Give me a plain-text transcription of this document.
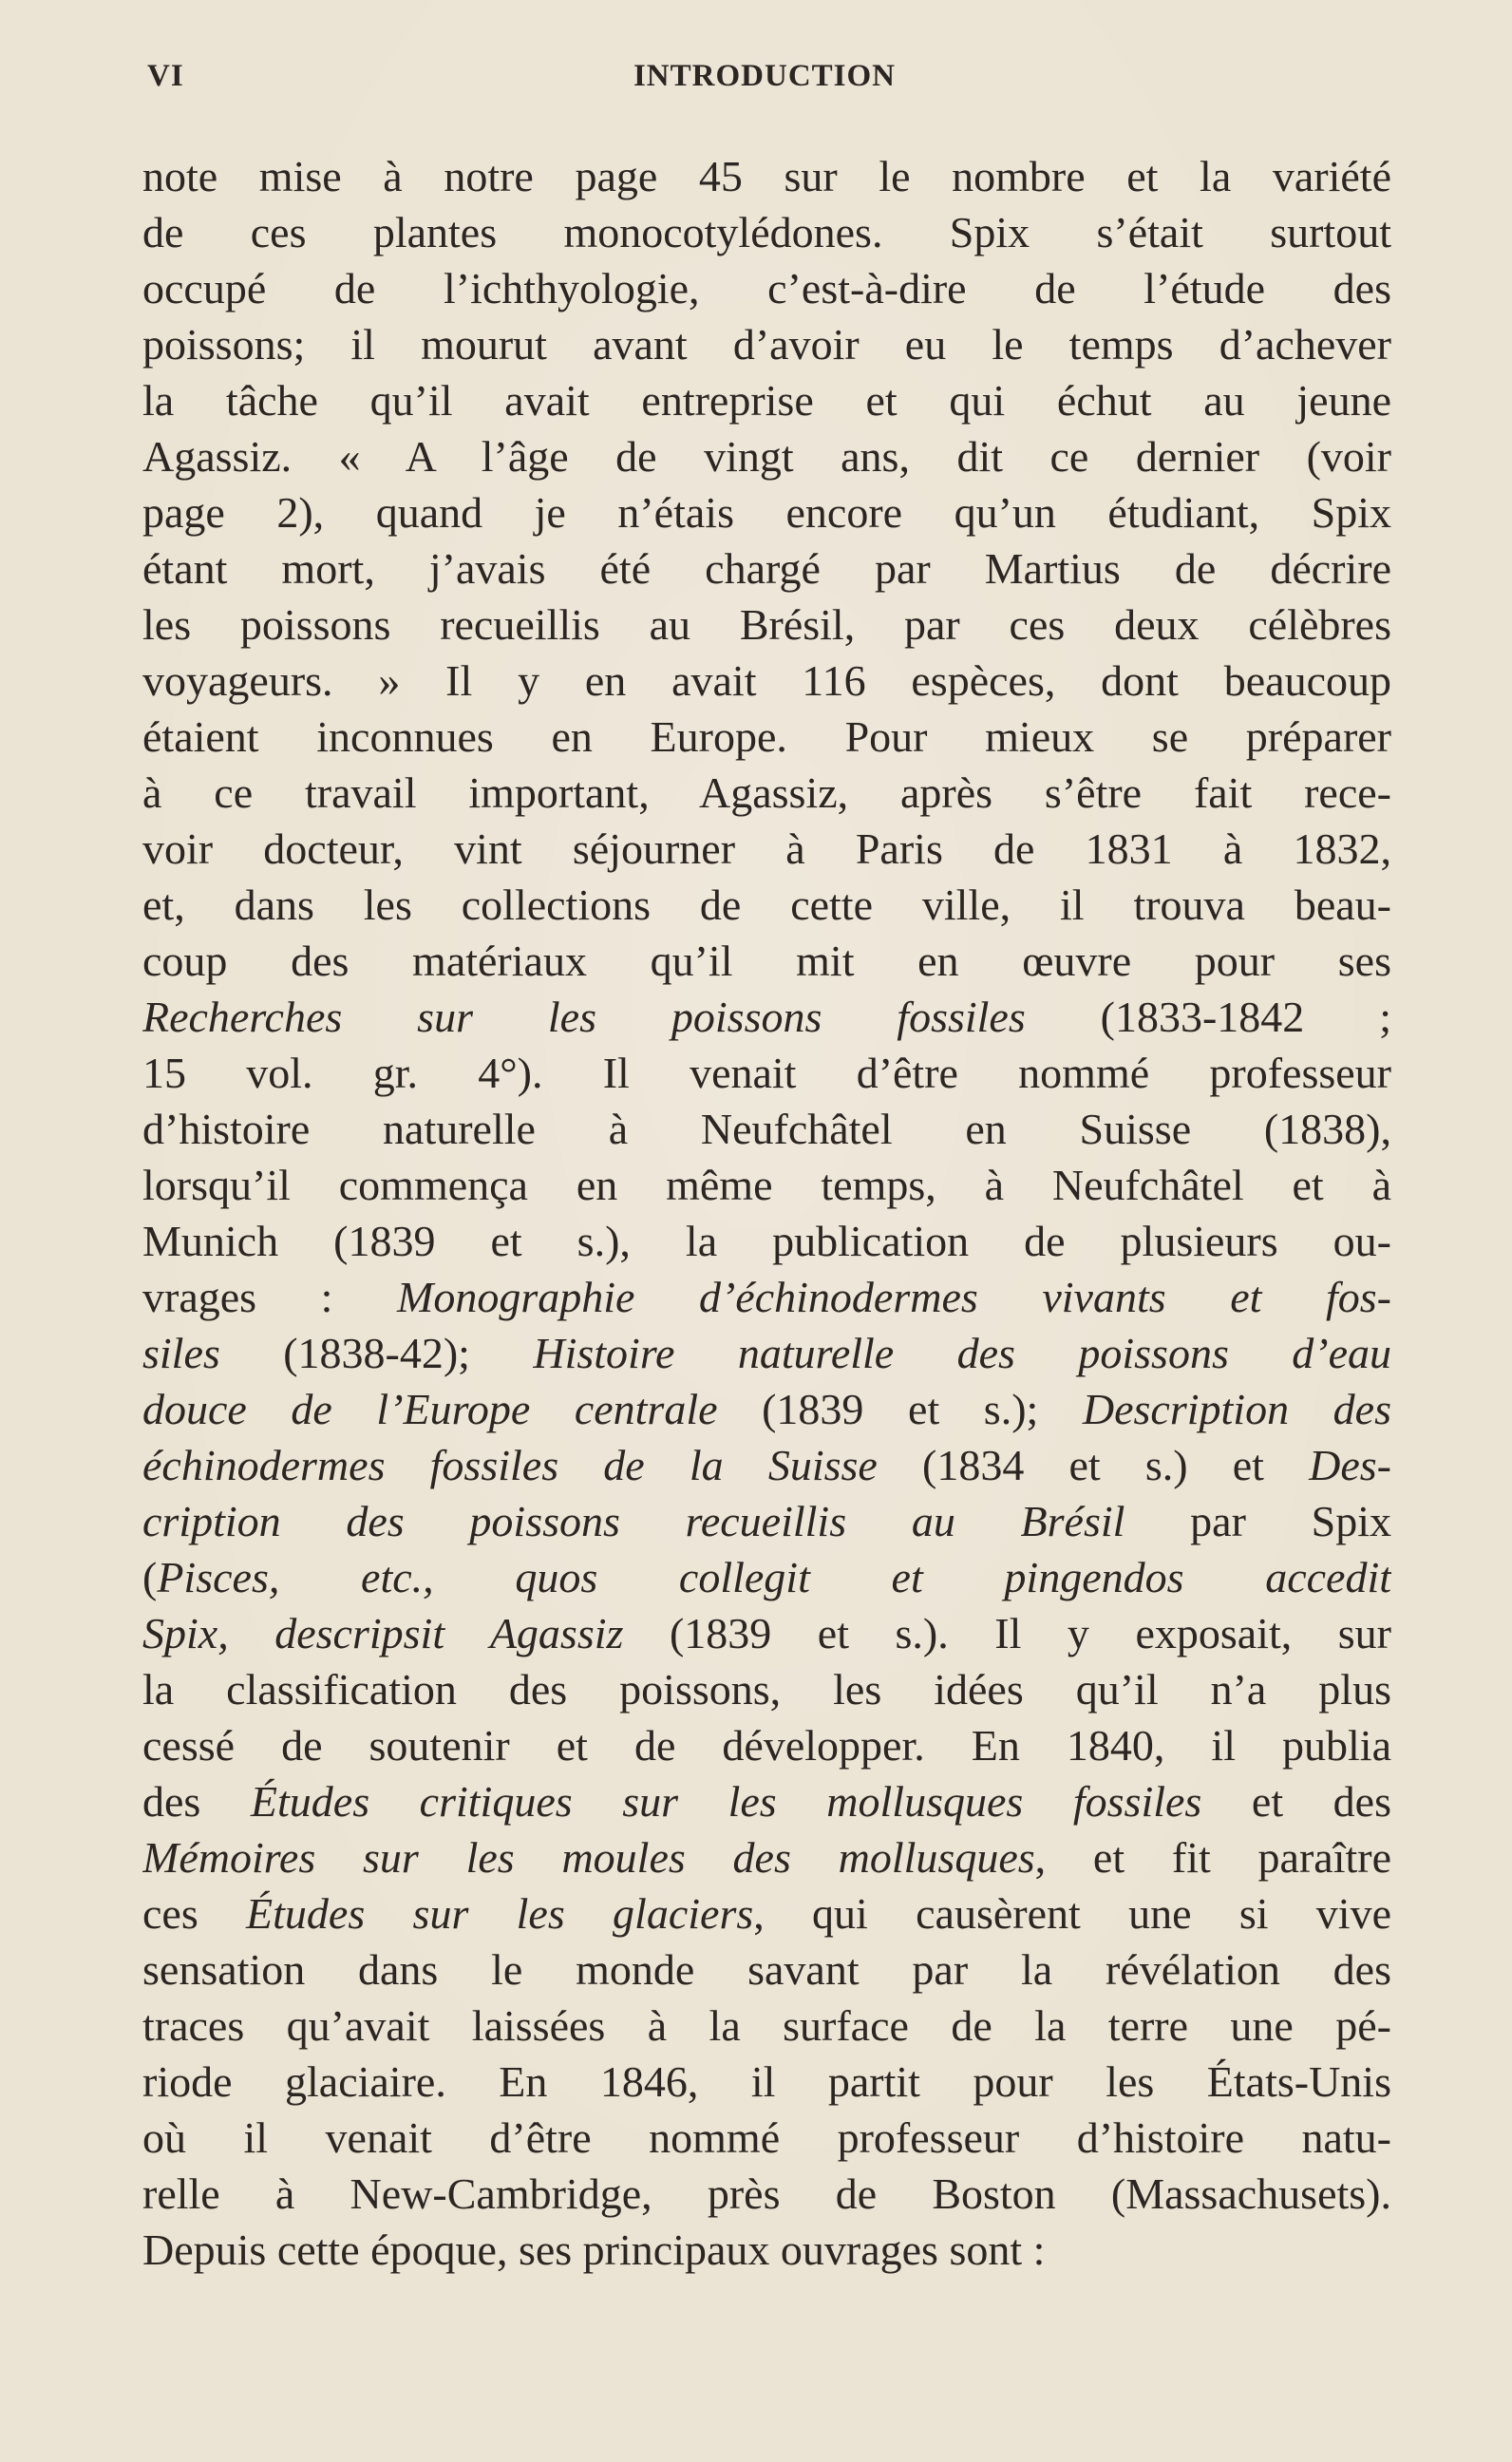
VI	INTRODUCTION
note mise à notre page 45 sur le nombre et la variété
de ces plantes monocotylédones. Spix s’était surtout
occupé de l’ichthyologie, c’est-à-dire de l’étude des
poissons; il mourut avant d’avoir eu le temps d’achever
la tâche qu’il avait entreprise et qui échut au jeune
Agassiz. « A l’âge de vingt ans, dit ce dernier (voir
page 2), quand je n’étais encore qu’un étudiant, Spix
étant mort, j’avais été chargé par Martius de décrire
les poissons recueillis au Brésil, par ces deux célèbres
voyageurs. » Il y en avait 116 espèces, dont beaucoup
étaient inconnues en Europe. Pour mieux se préparer
à ce travail important, Agassiz, après s’être fait rece-
voir docteur, vint séjourner à Paris de 1831 à 1832,
et, dans les collections de cette ville, il trouva beau-
coup des matériaux qu’il mit en œuvre pour ses
Recherches sur les poissons fossiles (1833-1842 ;
15 vol. gr. 4°). Il venait d’être nommé professeur
d’histoire naturelle à Neufchâtel en Suisse (1838),
lorsqu’il commença en même temps, à Neufchâtel et à
Munich (1839 et s.), la publication de plusieurs ou-
vrages : Monographie d’échinodermes vivants et fos-
siles (1838-42); Histoire naturelle des poissons d’eau
douce de l’Europe centrale (1839 et s.); Description des
échinodermes fossiles de la Suisse (1834 et s.) et Des-
cription des poissons recueillis au Brésil par Spix
(Pisces, etc., quos collegit et pingendos accedit
Spix, descripsit Agassiz (1839 et s.). Il y exposait, sur
la classification des poissons, les idées qu’il n’a plus
cessé de soutenir et de développer. En 1840, il publia
des Études critiques sur les mollusques fossiles et des
Mémoires sur les moules des mollusques, et fit paraître
ces Études sur les glaciers, qui causèrent une si vive
sensation dans le monde savant par la révélation des
traces qu’avait laissées à la surface de la terre une pé-
riode glaciaire. En 1846, il partit pour les États-Unis
où il venait d’être nommé professeur d’histoire natu-
relle à New-Cambridge, près de Boston (Massachusets).
Depuis cette époque, ses principaux ouvrages sont :
